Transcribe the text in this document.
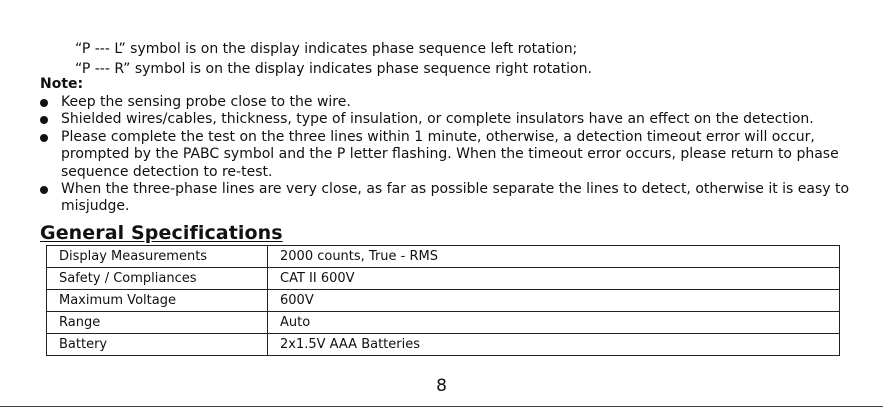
“P --- L” symbol is on the display indicates phase sequence left rotation;
“P --- R” symbol is on the display indicates phase sequence right rotation.
Note:
Keep the sensing probe close to the wire.
Shielded wires/cables, thickness, type of insulation, or complete insulators have an effect on the detection.
Please complete the test on the three lines within 1 minute, otherwise, a detection timeout error will occur, prompted by the PABC symbol and the P letter flashing. When the timeout error occurs, please return to phase sequence detection to re-test.
When the three-phase lines are very close, as far as possible separate the lines to detect, otherwise it is easy to misjudge.
General Specifications
Display Measurements	2000 counts, True - RMS
Safety / Compliances	CAT II 600V
Maximum Voltage	600V
Range	Auto
Battery	2x1.5V AAA Batteries
8
